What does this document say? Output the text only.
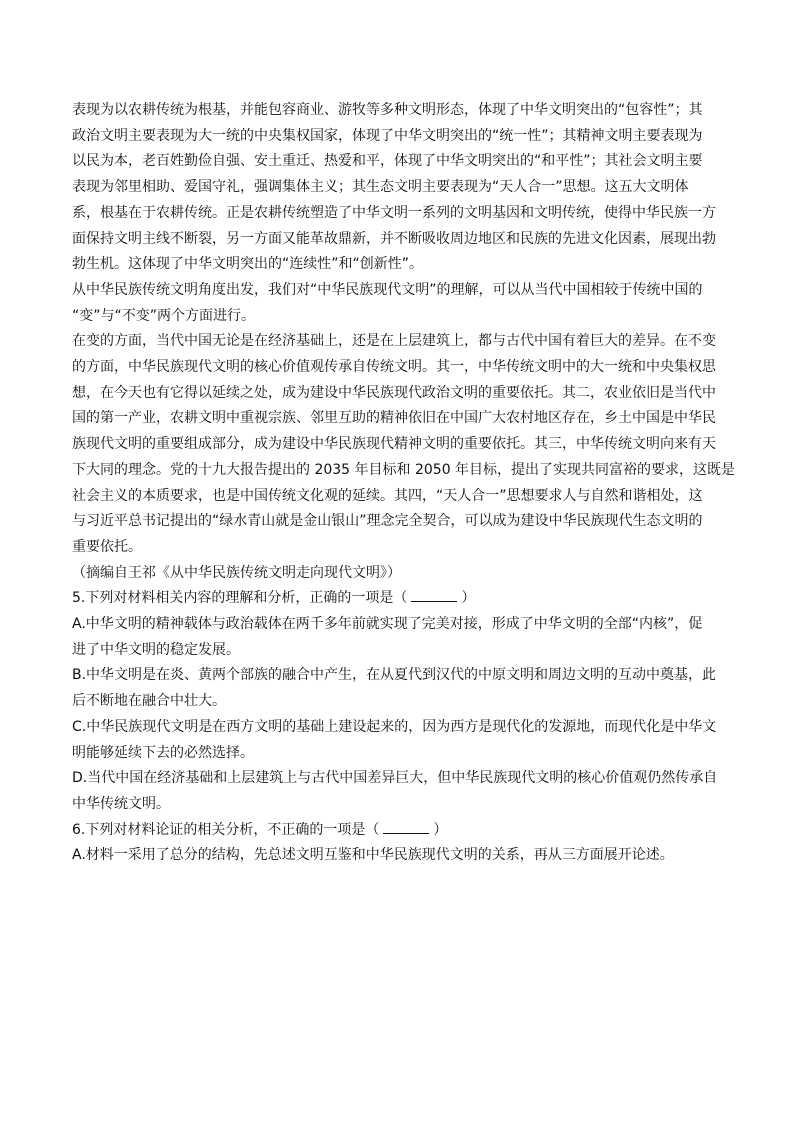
表现为以农耕传统为根基，并能包容商业、游牧等多种文明形态，体现了中华文明突出的“包容性”；其
政治文明主要表现为大一统的中央集权国家，体现了中华文明突出的“统一性”；其精神文明主要表现为
以民为本，老百姓勤俭自强、安土重迁、热爱和平，体现了中华文明突出的“和平性”；其社会文明主要
表现为邻里相助、爱国守礼，强调集体主义；其生态文明主要表现为“天人合一”思想。这五大文明体
系，根基在于农耕传统。正是农耕传统塑造了中华文明一系列的文明基因和文明传统，使得中华民族一方
面保持文明主线不断裂，另一方面又能革故鼎新，并不断吸收周边地区和民族的先进文化因素，展现出勃
勃生机。这体现了中华文明突出的“连续性”和“创新性”。
从中华民族传统文明角度出发，我们对“中华民族现代文明”的理解，可以从当代中国相较于传统中国的
“变”与“不变”两个方面进行。
在变的方面，当代中国无论是在经济基础上，还是在上层建筑上，都与古代中国有着巨大的差异。在不变
的方面，中华民族现代文明的核心价值观传承自传统文明。其一，中华传统文明中的大一统和中央集权思
想，在今天也有它得以延续之处，成为建设中华民族现代政治文明的重要依托。其二，农业依旧是当代中
国的第一产业，农耕文明中重视宗族、邻里互助的精神依旧在中国广大农村地区存在，乡土中国是中华民
族现代文明的重要组成部分，成为建设中华民族现代精神文明的重要依托。其三，中华传统文明向来有天
下大同的理念。党的十九大报告提出的 2035 年目标和 2050 年目标，提出了实现共同富裕的要求，这既是
社会主义的本质要求，也是中国传统文化观的延续。其四，“天人合一”思想要求人与自然和谐相处，这
与习近平总书记提出的“绿水青山就是金山银山”理念完全契合，可以成为建设中华民族现代生态文明的
重要依托。
（摘编自王祁《从中华民族传统文明走向现代文明》）
5.下列对材料相关内容的理解和分析，正确的一项是（	）
A.中华文明的精神载体与政治载体在两千多年前就实现了完美对接，形成了中华文明的全部“内核”，促
进了中华文明的稳定发展。
B.中华文明是在炎、黄两个部族的融合中产生，在从夏代到汉代的中原文明和周边文明的互动中奠基，此
后不断地在融合中壮大。
C.中华民族现代文明是在西方文明的基础上建设起来的，因为西方是现代化的发源地，而现代化是中华文
明能够延续下去的必然选择。
D.当代中国在经济基础和上层建筑上与古代中国差异巨大，但中华民族现代文明的核心价值观仍然传承自
中华传统文明。
6.下列对材料论证的相关分析，不正确的一项是（	）
A.材料一采用了总分的结构，先总述文明互鉴和中华民族现代文明的关系，再从三方面展开论述。
